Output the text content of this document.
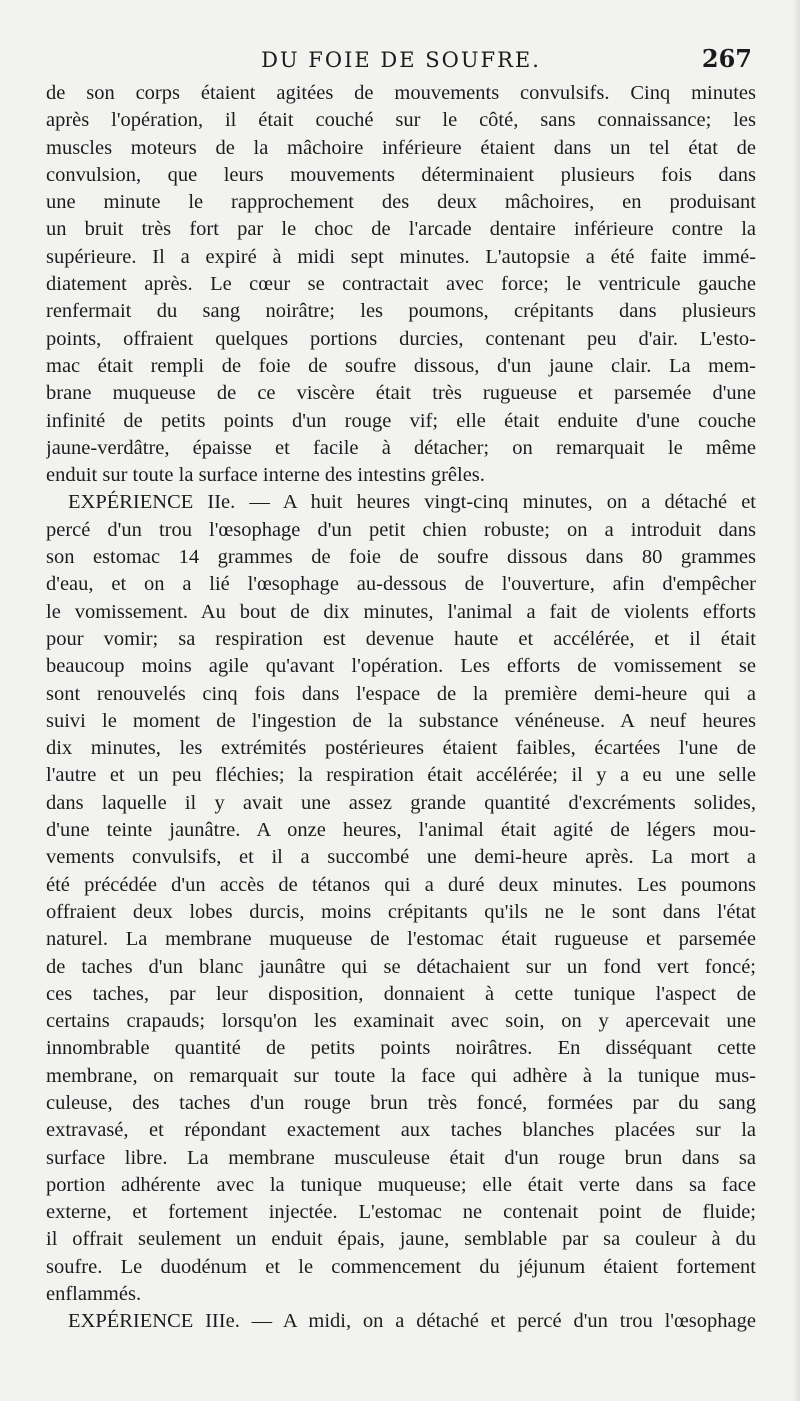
DU FOIE DE SOUFRE.	267
de son corps étaient agitées de mouvements convulsifs. Cinq minutes
après l'opération, il était couché sur le côté, sans connaissance; les
muscles moteurs de la mâchoire inférieure étaient dans un tel état de
convulsion, que leurs mouvements déterminaient plusieurs fois dans
une minute le rapprochement des deux mâchoires, en produisant
un bruit très fort par le choc de l'arcade dentaire inférieure contre la
supérieure. Il a expiré à midi sept minutes. L'autopsie a été faite immé-
diatement après. Le cœur se contractait avec force; le ventricule gauche
renfermait du sang noirâtre; les poumons, crépitants dans plusieurs
points, offraient quelques portions durcies, contenant peu d'air. L'esto-
mac était rempli de foie de soufre dissous, d'un jaune clair. La mem-
brane muqueuse de ce viscère était très rugueuse et parsemée d'une
infinité de petits points d'un rouge vif; elle était enduite d'une couche
jaune-verdâtre, épaisse et facile à détacher; on remarquait le même
enduit sur toute la surface interne des intestins grêles.
EXPÉRIENCE IIe. — A huit heures vingt-cinq minutes, on a détaché et
percé d'un trou l'œsophage d'un petit chien robuste; on a introduit dans
son estomac 14 grammes de foie de soufre dissous dans 80 grammes
d'eau, et on a lié l'œsophage au-dessous de l'ouverture, afin d'empêcher
le vomissement. Au bout de dix minutes, l'animal a fait de violents efforts
pour vomir; sa respiration est devenue haute et accélérée, et il était
beaucoup moins agile qu'avant l'opération. Les efforts de vomissement se
sont renouvelés cinq fois dans l'espace de la première demi-heure qui a
suivi le moment de l'ingestion de la substance vénéneuse. A neuf heures
dix minutes, les extrémités postérieures étaient faibles, écartées l'une de
l'autre et un peu fléchies; la respiration était accélérée; il y a eu une selle
dans laquelle il y avait une assez grande quantité d'excréments solides,
d'une teinte jaunâtre. A onze heures, l'animal était agité de légers mou-
vements convulsifs, et il a succombé une demi-heure après. La mort a
été précédée d'un accès de tétanos qui a duré deux minutes. Les poumons
offraient deux lobes durcis, moins crépitants qu'ils ne le sont dans l'état
naturel. La membrane muqueuse de l'estomac était rugueuse et parsemée
de taches d'un blanc jaunâtre qui se détachaient sur un fond vert foncé;
ces taches, par leur disposition, donnaient à cette tunique l'aspect de
certains crapauds; lorsqu'on les examinait avec soin, on y apercevait une
innombrable quantité de petits points noirâtres. En disséquant cette
membrane, on remarquait sur toute la face qui adhère à la tunique mus-
culeuse, des taches d'un rouge brun très foncé, formées par du sang
extravasé, et répondant exactement aux taches blanches placées sur la
surface libre. La membrane musculeuse était d'un rouge brun dans sa
portion adhérente avec la tunique muqueuse; elle était verte dans sa face
externe, et fortement injectée. L'estomac ne contenait point de fluide;
il offrait seulement un enduit épais, jaune, semblable par sa couleur à du
soufre. Le duodénum et le commencement du jéjunum étaient fortement
enflammés.
EXPÉRIENCE IIIe. — A midi, on a détaché et percé d'un trou l'œsophage
